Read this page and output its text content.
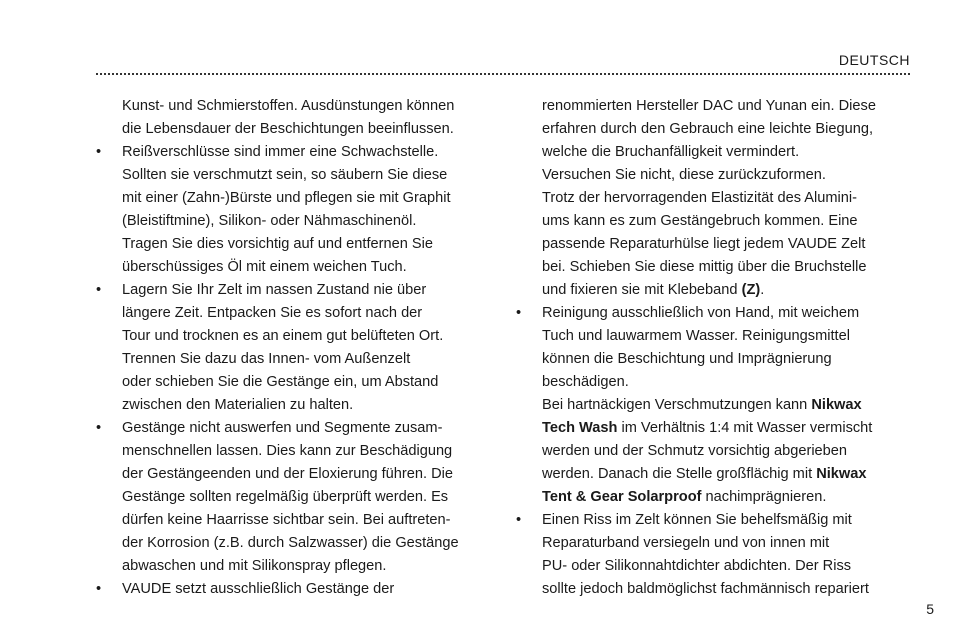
DEUTSCH
Kunst- und Schmierstoffen. Ausdünstungen können
die Lebensdauer der Beschichtungen beeinflussen.
• Reißverschlüsse sind immer eine Schwachstelle.
Sollten sie verschmutzt sein, so säubern Sie diese
mit einer (Zahn-)Bürste und pflegen sie mit Graphit
(Bleistiftmine), Silikon- oder Nähmaschinenöl.
Tragen Sie dies vorsichtig auf und entfernen Sie
überschüssiges Öl mit einem weichen Tuch.
• Lagern Sie Ihr Zelt im nassen Zustand nie über
längere Zeit. Entpacken Sie es sofort nach der
Tour und trocknen es an einem gut belüfteten Ort.
Trennen Sie dazu das Innen- vom Außenzelt
oder schieben Sie die Gestänge ein, um Abstand
zwischen den Materialien zu halten.
• Gestänge nicht auswerfen und Segmente zusam-
menschnellen lassen. Dies kann zur Beschädigung
der Gestängeenden und der Eloxierung führen. Die
Gestänge sollten regelmäßig überprüft werden. Es
dürfen keine Haarrisse sichtbar sein. Bei auftreten-
der Korrosion (z.B. durch Salzwasser) die Gestänge
abwaschen und mit Silikonspray pflegen.
• VAUDE setzt ausschließlich Gestänge der
renommierten Hersteller DAC und Yunan ein. Diese
erfahren durch den Gebrauch eine leichte Biegung,
welche die Bruchanfälligkeit vermindert.
Versuchen Sie nicht, diese zurückzuformen.
Trotz der hervorragenden Elastizität des Alumini-
ums kann es zum Gestängebruch kommen. Eine
passende Reparaturhülse liegt jedem VAUDE Zelt
bei. Schieben Sie diese mittig über die Bruchstelle
und fixieren sie mit Klebeband (Z).
• Reinigung ausschließlich von Hand, mit weichem
Tuch und lauwarmem Wasser. Reinigungsmittel
können die Beschichtung und Imprägnierung
beschädigen.
Bei hartnäckigen Verschmutzungen kann Nikwax
Tech Wash im Verhältnis 1:4 mit Wasser vermischt
werden und der Schmutz vorsichtig abgerieben
werden. Danach die Stelle großflächig mit Nikwax
Tent & Gear Solarproof nachimprägnieren.
• Einen Riss im Zelt können Sie behelfsmäßig mit
Reparaturband versiegeln und von innen mit
PU- oder Silikonnahtdichter abdichten. Der Riss
sollte jedoch baldmöglichst fachmännisch repariert
5
